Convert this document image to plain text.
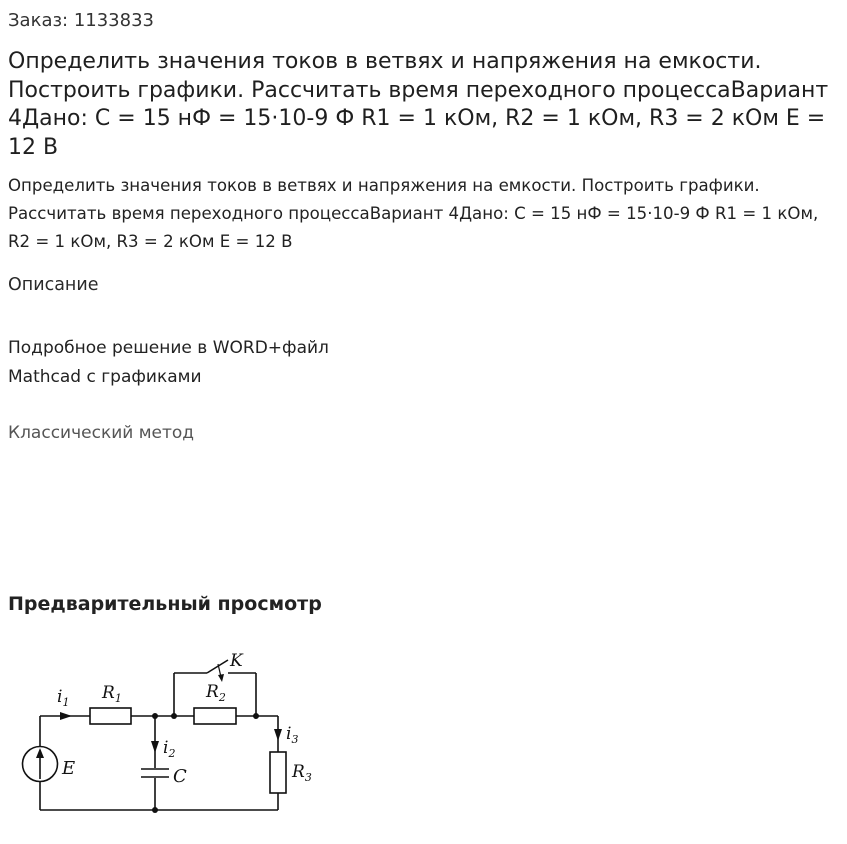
Заказ: 1133833
Определить значения токов в ветвях и напряжения на емкости. Построить графики. Рассчитать время переходного процессаВариант 4Дано: C = 15 нФ = 15·10-9 Ф R1 = 1 кОм, R2 = 1 кОм, R3 = 2 кОм E = 12 В

Определить значения токов в ветвях и напряжения на емкости. Построить графики. Рассчитать время переходного процессаВариант 4Дано: C = 15 нФ = 15·10-9 Ф R1 = 1 кОм, R2 = 1 кОм, R3 = 2 кОм E = 12 В

Описание
Подробное решение в WORD+файл
Mathcad с графиками
Классический метод
Предварительный просмотр
$i_1$ $R_1$	$R_2$
K
$i_2$
$i_3$
$R_3$
E	C
